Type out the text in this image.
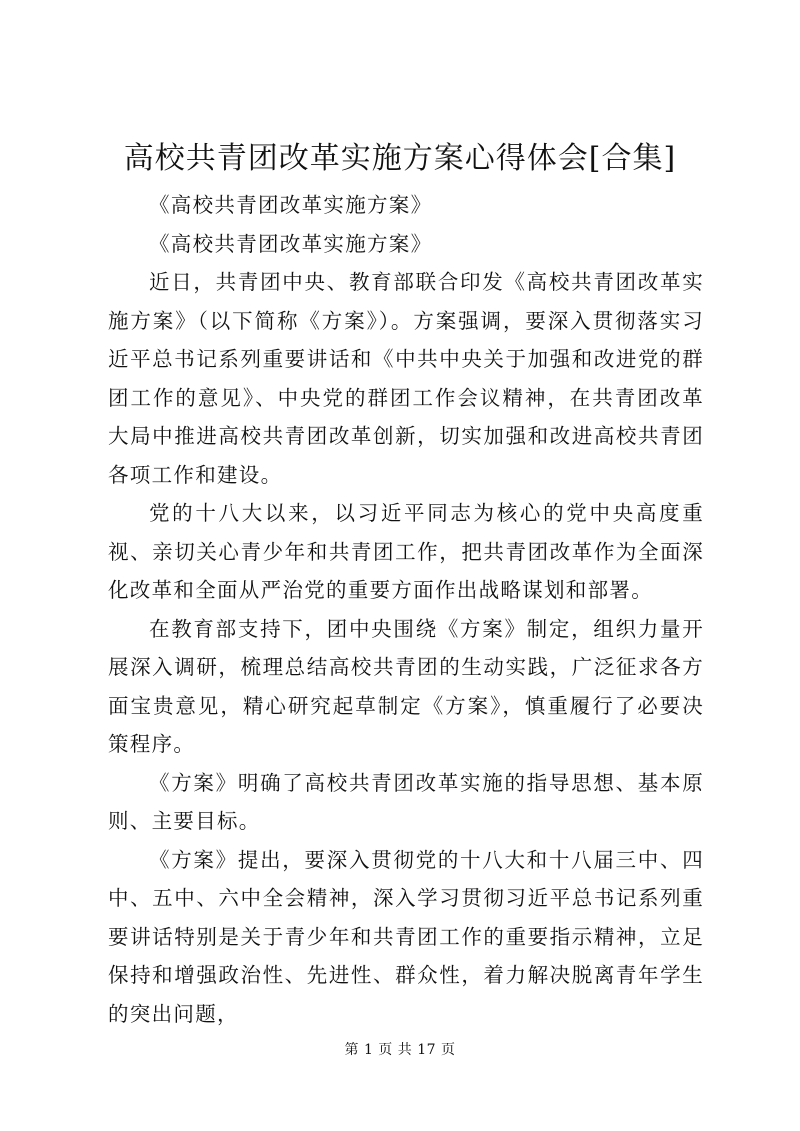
高校共青团改革实施方案心得体会[合集]

《高校共青团改革实施方案》

《高校共青团改革实施方案》

近日，共青团中央、教育部联合印发《高校共青团改革实施方案》（以下简称《方案》）。方案强调，要深入贯彻落实习近平总书记系列重要讲话和《中共中央关于加强和改进党的群团工作的意见》、中央党的群团工作会议精神，在共青团改革大局中推进高校共青团改革创新，切实加强和改进高校共青团各项工作和建设。

党的十八大以来，以习近平同志为核心的党中央高度重视、亲切关心青少年和共青团工作，把共青团改革作为全面深化改革和全面从严治党的重要方面作出战略谋划和部署。

在教育部支持下，团中央围绕《方案》制定，组织力量开展深入调研，梳理总结高校共青团的生动实践，广泛征求各方面宝贵意见，精心研究起草制定《方案》，慎重履行了必要决策程序。

《方案》明确了高校共青团改革实施的指导思想、基本原则、主要目标。

《方案》提出，要深入贯彻党的十八大和十八届三中、四中、五中、六中全会精神，深入学习贯彻习近平总书记系列重要讲话特别是关于青少年和共青团工作的重要指示精神，立足保持和增强政治性、先进性、群众性，着力解决脱离青年学生的突出问题，

第 1 页 共 17 页
